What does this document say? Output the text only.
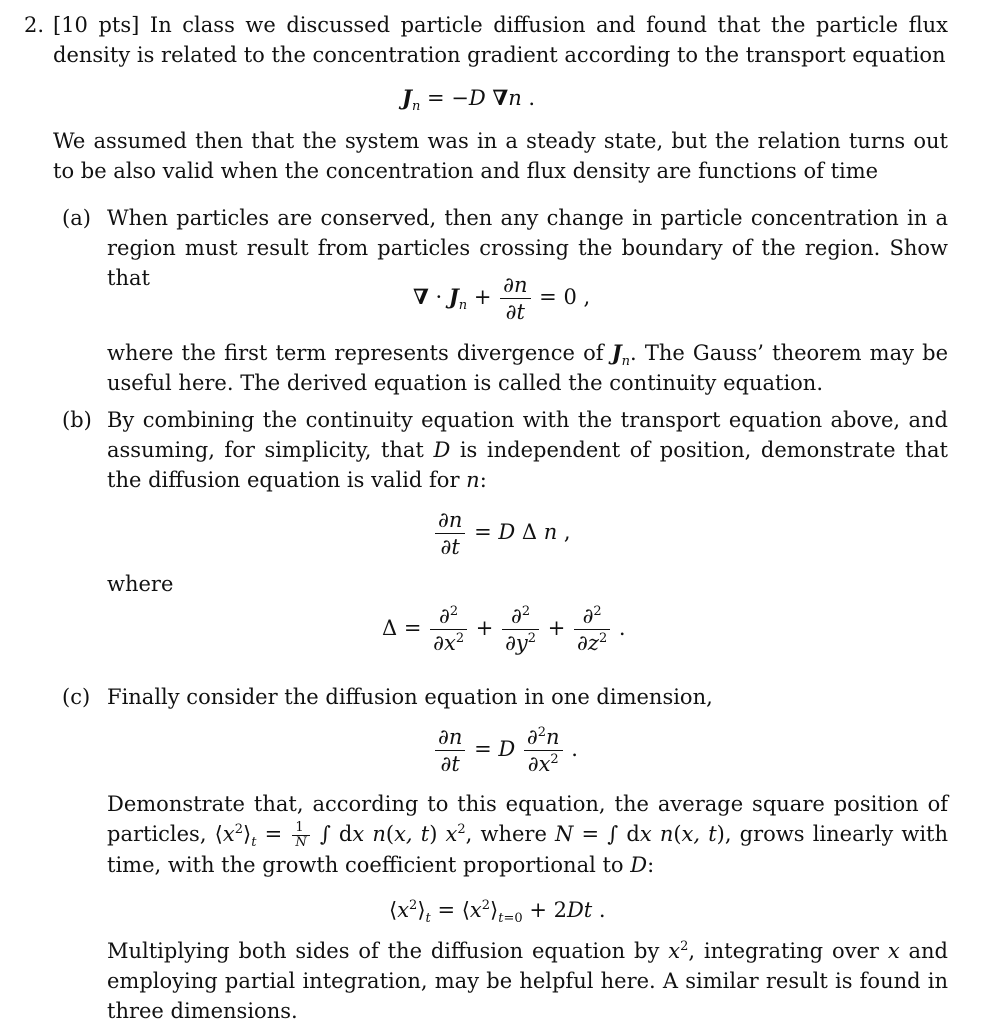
2. [10 pts] In class we discussed particle diffusion and found that the particle flux density is related to the concentration gradient according to the transport equation
$J_n = -D$ ∇n .
We assumed then that the system was in a steady state, but the relation turns out to be also valid when the concentration and flux density are functions of time
(a) When particles are conserved, then any change in particle concentration in a region must result from particles crossing the boundary of the region. Show that
∇ · $J_n + \frac{\partial n}{\partial t} = 0$ ,
where the first term represents divergence of $J_n$. The Gauss’ theorem may be useful here. The derived equation is called the continuity equation.
(b) By combining the continuity equation with the transport equation above, and assuming, for simplicity, that D is independent of position, demonstrate that the diffusion equation is valid for n:
$\frac{\partial n}{\partial t} = D$ Δ n ,
where
$\Delta = \frac{\partial^2}{\partial x^2} + \frac{\partial^2}{\partial y^2} + \frac{\partial^2}{\partial z^2}$ .
(c) Finally consider the diffusion equation in one dimension,
$\frac{\partial n}{\partial t} = D \frac{\partial^2n}{\partial x^2}$ .
Demonstrate that, according to this equation, the average square position of particles, $⟨x^2⟩_t = \frac{1}{N}$ ∫ dx n(x, t) $x^2$, where N = ∫ dx n(x, t), grows linearly with time, with the growth coefficient proportional to D:
$⟨x^2⟩_t$ = $⟨x^2⟩_{t=0} + 2Dt$ .
Multiplying both sides of the diffusion equation by $x^2$, integrating over x and employing partial integration, may be helpful here. A similar result is found in three dimensions.
